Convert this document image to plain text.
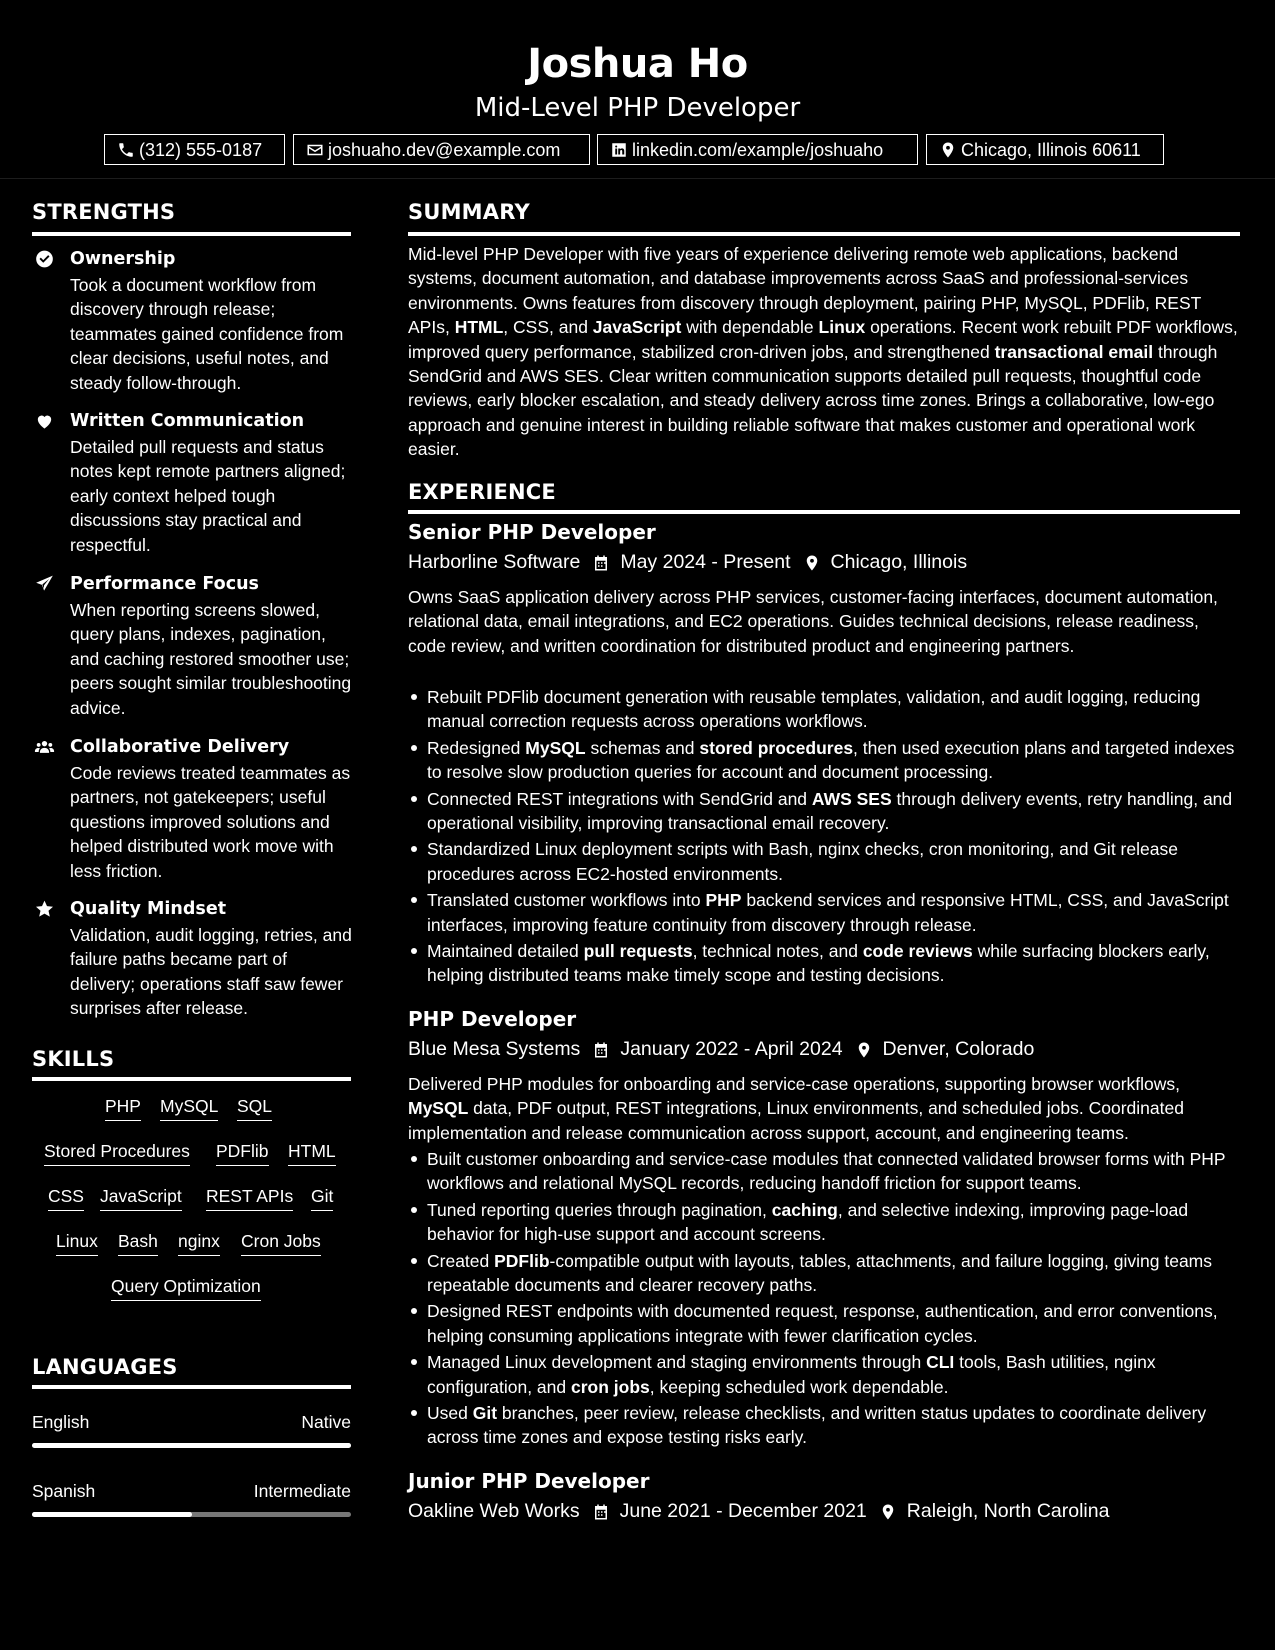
Joshua Ho
Mid-Level PHP Developer
(312) 555-0187	joshuaho.dev@example.com	linkedin.com/example/joshuaho	Chicago, Illinois 60611
STRENGTHS
Ownership
Took a document workflow from discovery through release; teammates gained confidence from clear decisions, useful notes, and steady follow-through.
Written Communication
Detailed pull requests and status notes kept remote partners aligned; early context helped tough discussions stay practical and respectful.
Performance Focus
When reporting screens slowed, query plans, indexes, pagination, and caching restored smoother use; peers sought similar troubleshooting advice.
Collaborative Delivery
Code reviews treated teammates as partners, not gatekeepers; useful questions improved solutions and helped distributed work move with less friction.
Quality Mindset
Validation, audit logging, retries, and failure paths became part of delivery; operations staff saw fewer surprises after release.
SKILLS
PHP MySQL SQL
Stored Procedures PDFlib HTML
CSS JavaScript REST APIs Git
Linux Bash nginx Cron Jobs
Query Optimization
LANGUAGES
English	Native
Spanish	Intermediate
SUMMARY
Mid-level PHP Developer with five years of experience delivering remote web applications, backend systems, document automation, and database improvements across SaaS and professional-services environments. Owns features from discovery through deployment, pairing PHP, MySQL, PDFlib, REST APIs, HTML, CSS, and JavaScript with dependable Linux operations. Recent work rebuilt PDF workflows, improved query performance, stabilized cron-driven jobs, and strengthened transactional email through SendGrid and AWS SES. Clear written communication supports detailed pull requests, thoughtful code reviews, early blocker escalation, and steady delivery across time zones. Brings a collaborative, low-ego approach and genuine interest in building reliable software that makes customer and operational work easier.
EXPERIENCE
Senior PHP Developer
Harborline Software May 2024 - Present Chicago, Illinois
Owns SaaS application delivery across PHP services, customer-facing interfaces, document automation, relational data, email integrations, and EC2 operations. Guides technical decisions, release readiness, code review, and written coordination for distributed product and engineering partners.
Rebuilt PDFlib document generation with reusable templates, validation, and audit logging, reducing manual correction requests across operations workflows.
Redesigned MySQL schemas and stored procedures, then used execution plans and targeted indexes to resolve slow production queries for account and document processing.
Connected REST integrations with SendGrid and AWS SES through delivery events, retry handling, and operational visibility, improving transactional email recovery.
Standardized Linux deployment scripts with Bash, nginx checks, cron monitoring, and Git release procedures across EC2-hosted environments.
Translated customer workflows into PHP backend services and responsive HTML, CSS, and JavaScript interfaces, improving feature continuity from discovery through release.
Maintained detailed pull requests, technical notes, and code reviews while surfacing blockers early, helping distributed teams make timely scope and testing decisions.
PHP Developer
Blue Mesa Systems January 2022 - April 2024 Denver, Colorado
Delivered PHP modules for onboarding and service-case operations, supporting browser workflows, MySQL data, PDF output, REST integrations, Linux environments, and scheduled jobs. Coordinated implementation and release communication across support, account, and engineering teams.
Built customer onboarding and service-case modules that connected validated browser forms with PHP workflows and relational MySQL records, reducing handoff friction for support teams.
Tuned reporting queries through pagination, caching, and selective indexing, improving page-load behavior for high-use support and account screens.
Created PDFlib-compatible output with layouts, tables, attachments, and failure logging, giving teams repeatable documents and clearer recovery paths.
Designed REST endpoints with documented request, response, authentication, and error conventions, helping consuming applications integrate with fewer clarification cycles.
Managed Linux development and staging environments through CLI tools, Bash utilities, nginx configuration, and cron jobs, keeping scheduled work dependable.
Used Git branches, peer review, release checklists, and written status updates to coordinate delivery across time zones and expose testing risks early.
Junior PHP Developer
Oakline Web Works June 2021 - December 2021 Raleigh, North Carolina
